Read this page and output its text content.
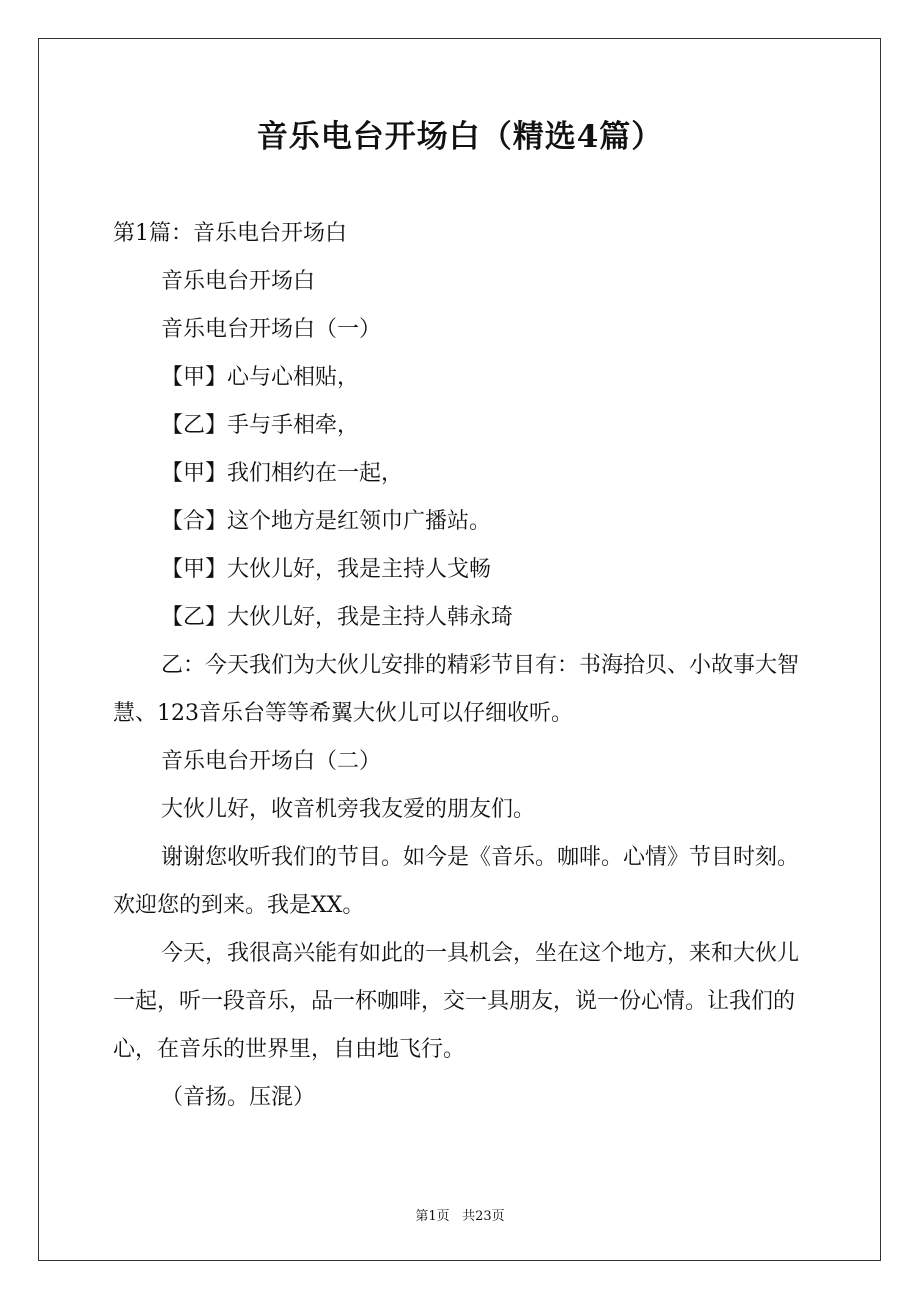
音乐电台开场白（精选4篇）

第1篇：音乐电台开场白

音乐电台开场白

音乐电台开场白（一）

【甲】心与心相贴，

【乙】手与手相牵，

【甲】我们相约在一起，

【合】这个地方是红领巾广播站。

【甲】大伙儿好，我是主持人戈畅

【乙】大伙儿好，我是主持人韩永琦

乙：今天我们为大伙儿安排的精彩节目有：书海拾贝、小故事大智慧、123音乐台等等希翼大伙儿可以仔细收听。

音乐电台开场白（二）

大伙儿好，收音机旁我友爱的朋友们。

谢谢您收听我们的节目。如今是《音乐。咖啡。心情》节目时刻。欢迎您的到来。我是XX。

今天，我很高兴能有如此的一具机会，坐在这个地方，来和大伙儿一起，听一段音乐，品一杯咖啡，交一具朋友，说一份心情。让我们的心，在音乐的世界里，自由地飞行。

（音扬。压混）

第1页 共23页
